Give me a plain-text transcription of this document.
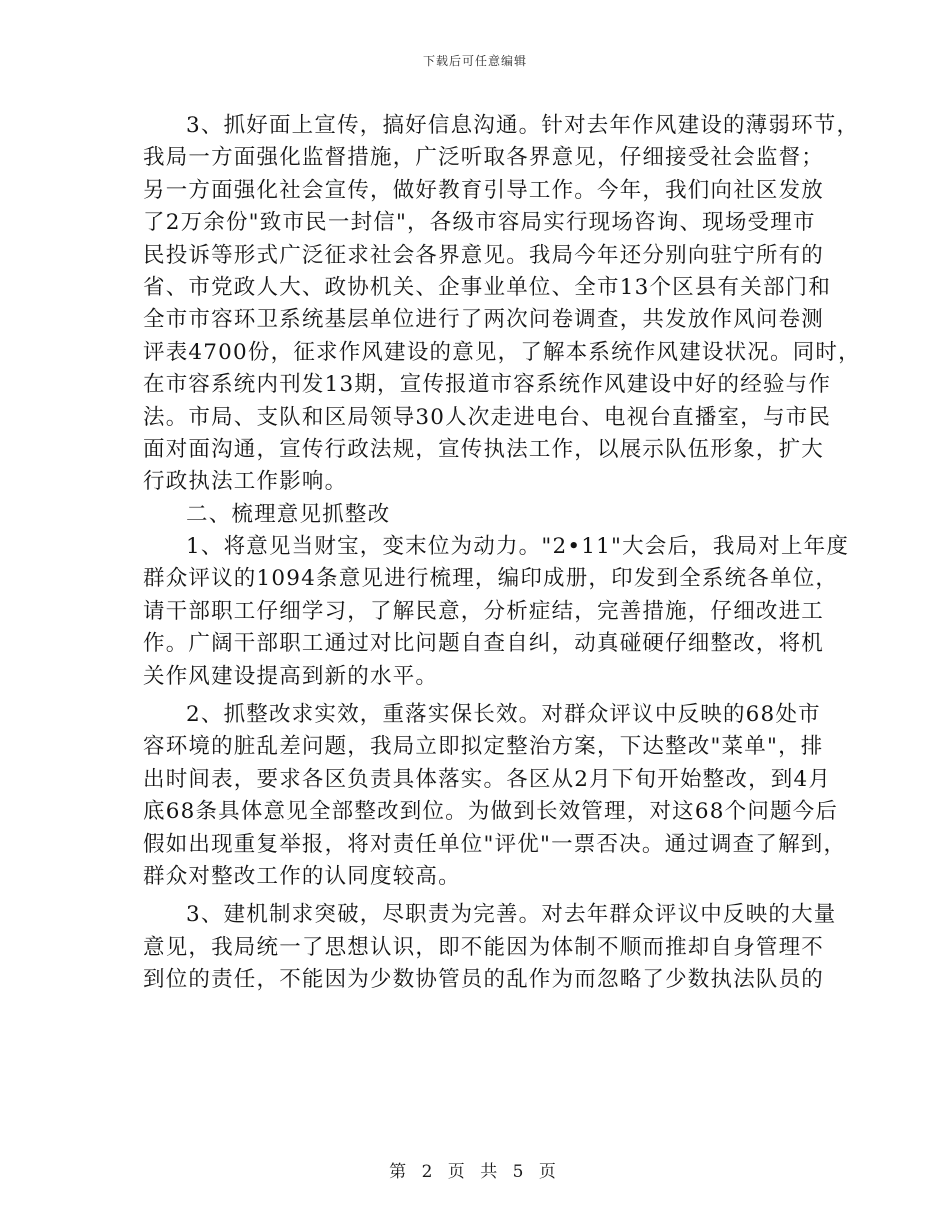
下载后可任意编辑
3、抓好面上宣传，搞好信息沟通。针对去年作风建设的薄弱环节，
我局一方面强化监督措施，广泛听取各界意见，仔细接受社会监督；
另一方面强化社会宣传，做好教育引导工作。今年，我们向社区发放
了2万余份"致市民一封信"，各级市容局实行现场咨询、现场受理市
民投诉等形式广泛征求社会各界意见。我局今年还分别向驻宁所有的
省、市党政人大、政协机关、企事业单位、全市13个区县有关部门和
全市市容环卫系统基层单位进行了两次问卷调查，共发放作风问卷测
评表4700份，征求作风建设的意见，了解本系统作风建设状况。同时，
在市容系统内刊发13期，宣传报道市容系统作风建设中好的经验与作
法。市局、支队和区局领导30人次走进电台、电视台直播室，与市民
面对面沟通，宣传行政法规，宣传执法工作，以展示队伍形象，扩大
行政执法工作影响。
二、梳理意见抓整改
1、将意见当财宝，变末位为动力。"2•11"大会后，我局对上年度
群众评议的1094条意见进行梳理，编印成册，印发到全系统各单位，
请干部职工仔细学习，了解民意，分析症结，完善措施，仔细改进工
作。广阔干部职工通过对比问题自查自纠，动真碰硬仔细整改，将机
关作风建设提高到新的水平。
2、抓整改求实效，重落实保长效。对群众评议中反映的68处市
容环境的脏乱差问题，我局立即拟定整治方案，下达整改"菜单"，排
出时间表，要求各区负责具体落实。各区从2月下旬开始整改，到4月
底68条具体意见全部整改到位。为做到长效管理，对这68个问题今后
假如出现重复举报，将对责任单位"评优"一票否决。通过调查了解到，
群众对整改工作的认同度较高。
3、建机制求突破，尽职责为完善。对去年群众评议中反映的大量
意见，我局统一了思想认识，即不能因为体制不顺而推却自身管理不
到位的责任，不能因为少数协管员的乱作为而忽略了少数执法队员的
第 2 页 共 5 页
